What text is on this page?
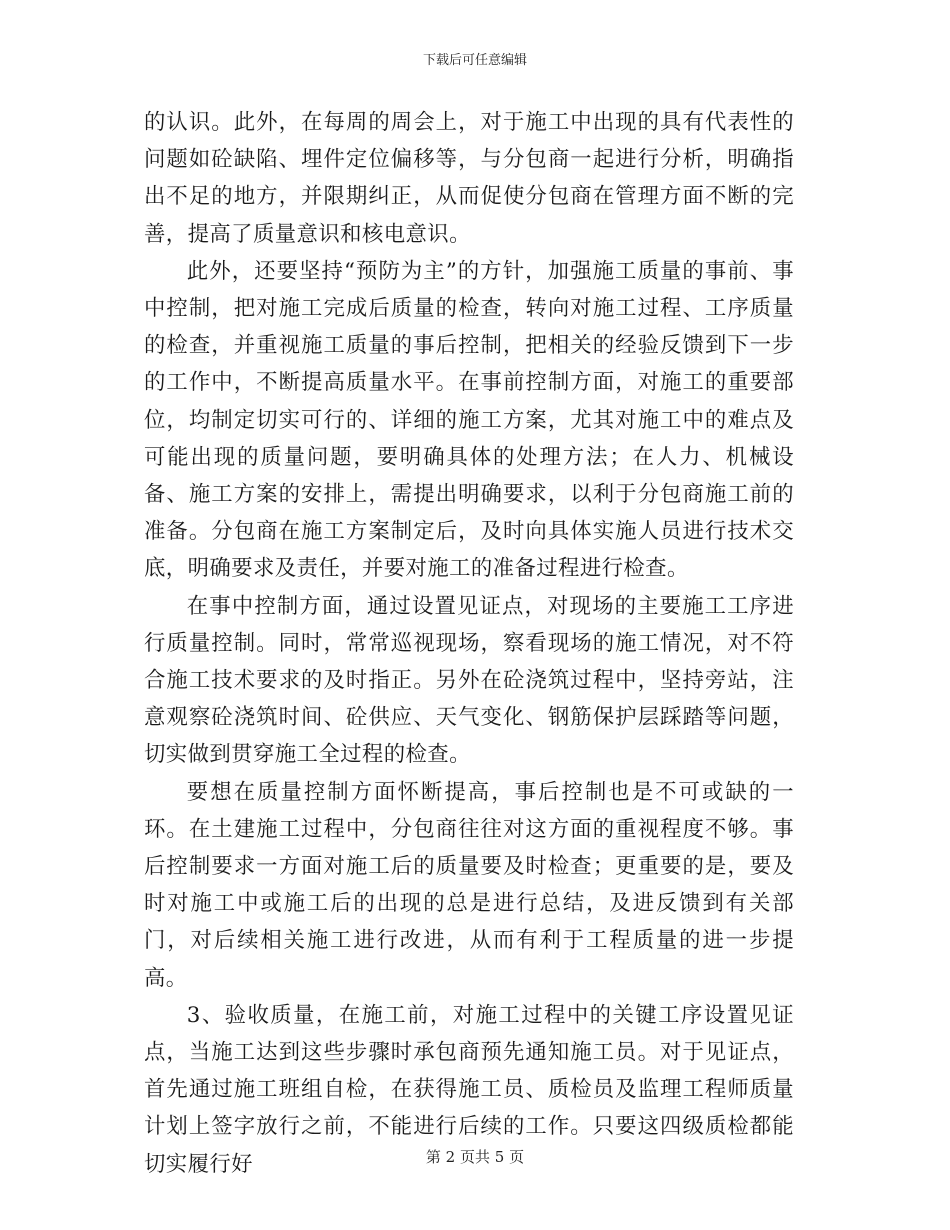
下载后可任意编辑

的认识。此外，在每周的周会上，对于施工中出现的具有代表性的问题如砼缺陷、埋件定位偏移等，与分包商一起进行分析，明确指出不足的地方，并限期纠正，从而促使分包商在管理方面不断的完善，提高了质量意识和核电意识。

此外，还要坚持“预防为主”的方针，加强施工质量的事前、事中控制，把对施工完成后质量的检查，转向对施工过程、工序质量的检查，并重视施工质量的事后控制，把相关的经验反馈到下一步的工作中，不断提高质量水平。在事前控制方面，对施工的重要部位，均制定切实可行的、详细的施工方案，尤其对施工中的难点及可能出现的质量问题，要明确具体的处理方法；在人力、机械设备、施工方案的安排上，需提出明确要求，以利于分包商施工前的准备。分包商在施工方案制定后，及时向具体实施人员进行技术交底，明确要求及责任，并要对施工的准备过程进行检查。

在事中控制方面，通过设置见证点，对现场的主要施工工序进行质量控制。同时，常常巡视现场，察看现场的施工情况，对不符合施工技术要求的及时指正。另外在砼浇筑过程中，坚持旁站，注意观察砼浇筑时间、砼供应、天气变化、钢筋保护层踩踏等问题，切实做到贯穿施工全过程的检查。

要想在质量控制方面怀断提高，事后控制也是不可或缺的一环。在土建施工过程中，分包商往往对这方面的重视程度不够。事后控制要求一方面对施工后的质量要及时检查；更重要的是，要及时对施工中或施工后的出现的总是进行总结，及进反馈到有关部门，对后续相关施工进行改进，从而有利于工程质量的进一步提高。

3、验收质量，在施工前，对施工过程中的关键工序设置见证点，当施工达到这些步骤时承包商预先通知施工员。对于见证点，首先通过施工班组自检，在获得施工员、质检员及监理工程师质量计划上签字放行之前，不能进行后续的工作。只要这四级质检都能切实履行好	第 2 页共 5 页
